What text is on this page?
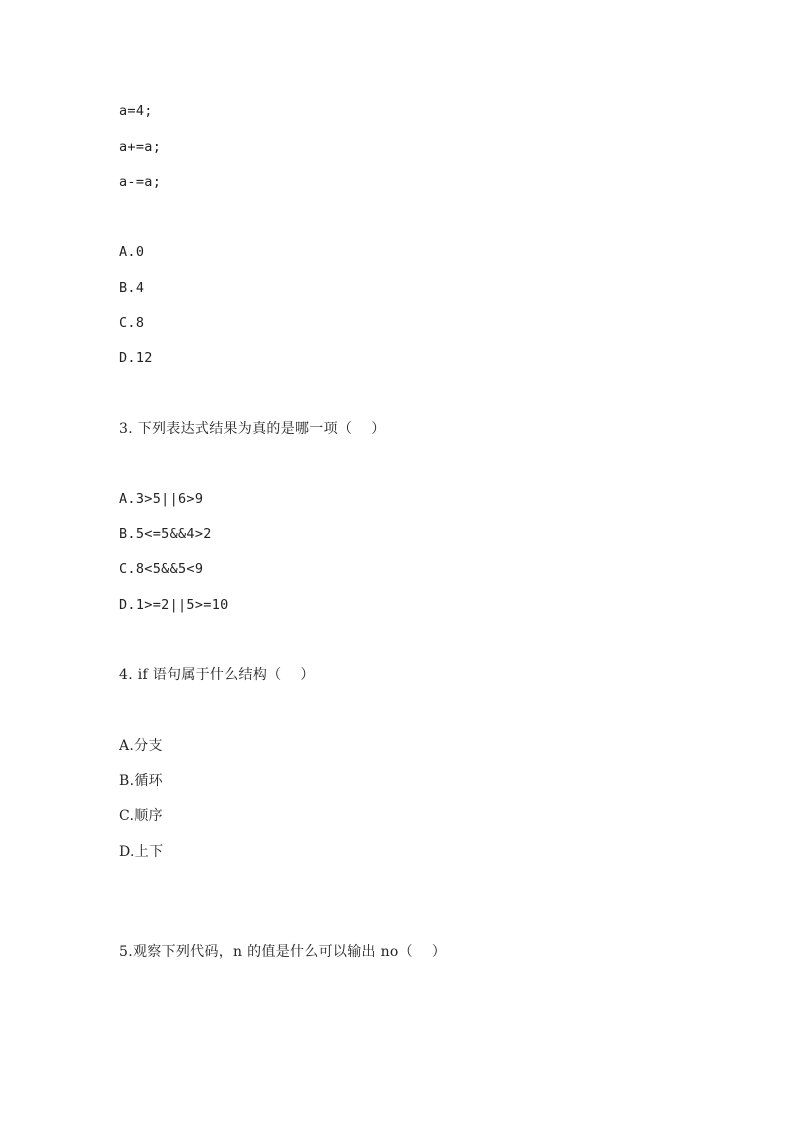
a=4;
a+=a;
a-=a;
A.0
B.4
C.8
D.12
3. 下列表达式结果为真的是哪一项（    ）
A.3>5||6>9
B.5<=5&&4>2
C.8<5&&5<9
D.1>=2||5>=10
4. if 语句属于什么结构（    ）
A.分支
B.循环
C.顺序
D.上下
5.观察下列代码，n 的值是什么可以输出 no（    ）
